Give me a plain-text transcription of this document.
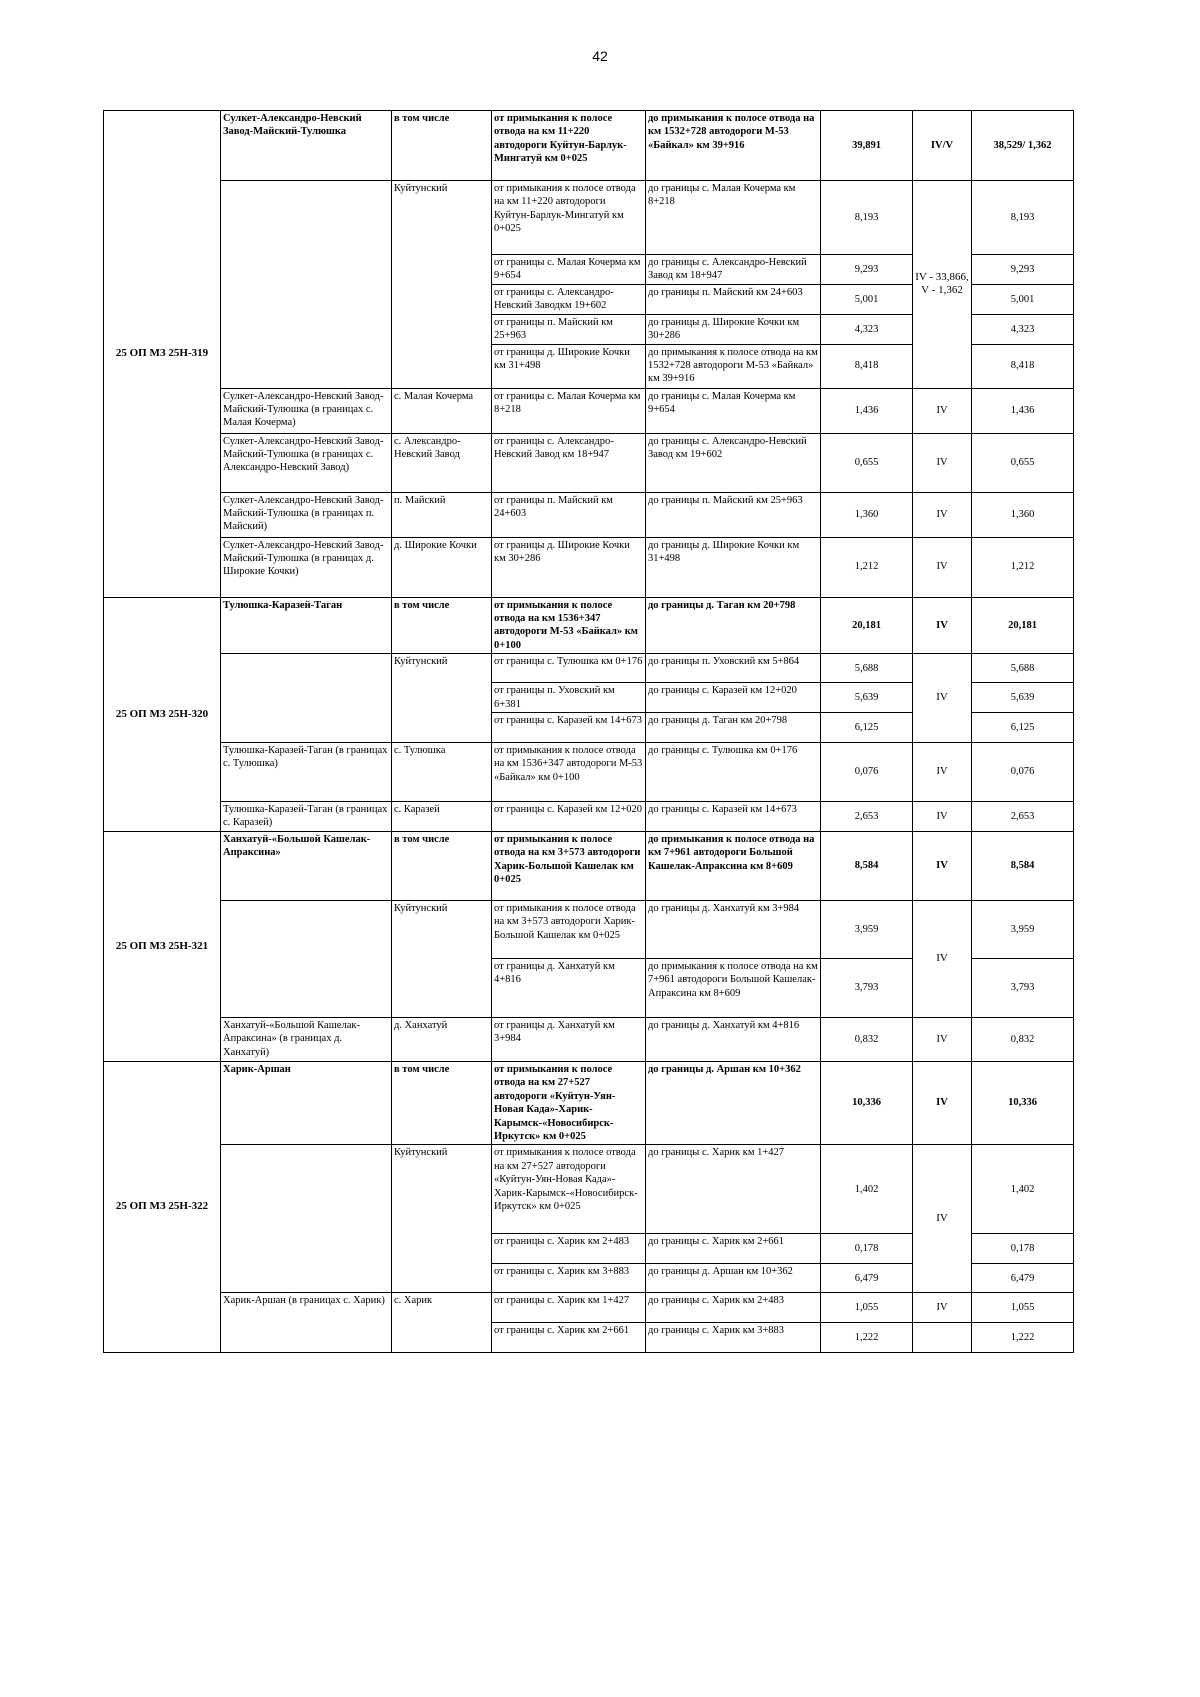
42
25 ОП МЗ 25Н-319	Сулкет-Александро-Невский Завод-Майский-Тулюшка	в том числе	от примыкания к полосе отвода на км 11+220 автодороги Куйтун-Барлук-Мингатуй км 0+025	до примыкания к полосе отвода на км 1532+728 автодороги М-53 «Байкал» км 39+916	39,891	IV/V	38,529/ 1,362
		Куйтунский	от примыкания к полосе отвода на км 11+220 автодороги Куйтун-Барлук-Мингатуй км 0+025	до границы с. Малая Кочерма км 8+218	8,193	IV - 33,866, V - 1,362	8,193
			от границы с. Малая Кочерма км 9+654	до границы с. Александро-Невский Завод км 18+947	9,293		9,293
			от границы с. Александро-Невский Заводкм 19+602	до границы п. Майский км 24+603	5,001		5,001
			от границы п. Майский км 25+963	до границы д. Широкие Кочки км 30+286	4,323		4,323
			от границы д. Широкие Кочки км 31+498	до примыкания к полосе отвода на км 1532+728 автодороги М-53 «Байкал» км 39+916	8,418		8,418
	Сулкет-Александро-Невский Завод-Майский-Тулюшка (в границах с. Малая Кочерма)	с. Малая Кочерма	от границы с. Малая Кочерма км 8+218	до границы с. Малая Кочерма км 9+654	1,436	IV	1,436
	Сулкет-Александро-Невский Завод-Майский-Тулюшка (в границах с. Александро-Невский Завод)	с. Александро-Невский Завод	от границы с. Александро-Невский Завод км 18+947	до границы с. Александро-Невский Завод км 19+602	0,655	IV	0,655
	Сулкет-Александро-Невский Завод-Майский-Тулюшка (в границах п. Майский)	п. Майский	от границы п. Майский км 24+603	до границы п. Майский км 25+963	1,360	IV	1,360
	Сулкет-Александро-Невский Завод-Майский-Тулюшка (в границах д. Широкие Кочки)	д. Широкие Кочки	от границы д. Широкие Кочки км 30+286	до границы д. Широкие Кочки км 31+498	1,212	IV	1,212
25 ОП МЗ 25Н-320	Тулюшка-Каразей-Таган	в том числе	от примыкания к полосе отвода на км 1536+347 автодороги М-53 «Байкал» км 0+100	до границы д. Таган км 20+798	20,181	IV	20,181
		Куйтунский	от границы с. Тулюшка км 0+176	до границы п. Уховский км 5+864	5,688	IV	5,688
			от границы п. Уховский км 6+381	до границы с. Каразей км 12+020	5,639		5,639
			от границы с. Каразей км 14+673	до границы д. Таган км 20+798	6,125		6,125
	Тулюшка-Каразей-Таган (в границах с. Тулюшка)	с. Тулюшка	от примыкания к полосе отвода на км 1536+347 автодороги М-53 «Байкал» км 0+100	до границы с. Тулюшка км 0+176	0,076	IV	0,076
	Тулюшка-Каразей-Таган (в границах с. Каразей)	с. Каразей	от границы с. Каразей км 12+020	до границы с. Каразей км 14+673	2,653	IV	2,653
25 ОП МЗ 25Н-321	Ханхатуй-«Большой Кашелак-Апраксина»	в том числе	от примыкания к полосе отвода на км 3+573 автодороги Харик-Большой Кашелак км 0+025	до примыкания к полосе отвода на км 7+961 автодороги Большой Кашелак-Апраксина км 8+609	8,584	IV	8,584
		Куйтунский	от примыкания к полосе отвода на км 3+573 автодороги Харик-Большой Кашелак км 0+025	до границы д. Ханхатуй км 3+984	3,959	IV	3,959
			от границы д. Ханхатуй км 4+816	до примыкания к полосе отвода на км 7+961 автодороги Большой Кашелак-Апраксина км 8+609	3,793		3,793
	Ханхатуй-«Большой Кашелак-Апраксина» (в границах д. Ханхатуй)	д. Ханхатуй	от границы д. Ханхатуй км 3+984	до границы д. Ханхатуй км 4+816	0,832	IV	0,832
25 ОП МЗ 25Н-322	Харик-Аршан	в том числе	от примыкания к полосе отвода на км 27+527 автодороги «Куйтун-Уян-Новая Када»-Харик-Карымск-«Новосибирск-Иркутск» км 0+025	до границы д. Аршан км 10+362	10,336	IV	10,336
		Куйтунский	от примыкания к полосе отвода на км 27+527 автодороги «Куйтун-Уян-Новая Када»-Харик-Карымск-«Новосибирск-Иркутск» км 0+025	до границы с. Харик км 1+427	1,402	IV	1,402
			от границы с. Харик км 2+483	до границы с. Харик км 2+661	0,178		0,178
			от границы с. Харик км 3+883	до границы д. Аршан км 10+362	6,479		6,479
	Харик-Аршан (в границах с. Харик)	с. Харик	от границы с. Харик км 1+427	до границы с. Харик км 2+483	1,055	IV	1,055
			от границы с. Харик км 2+661	до границы с. Харик км 3+883	1,222		1,222
